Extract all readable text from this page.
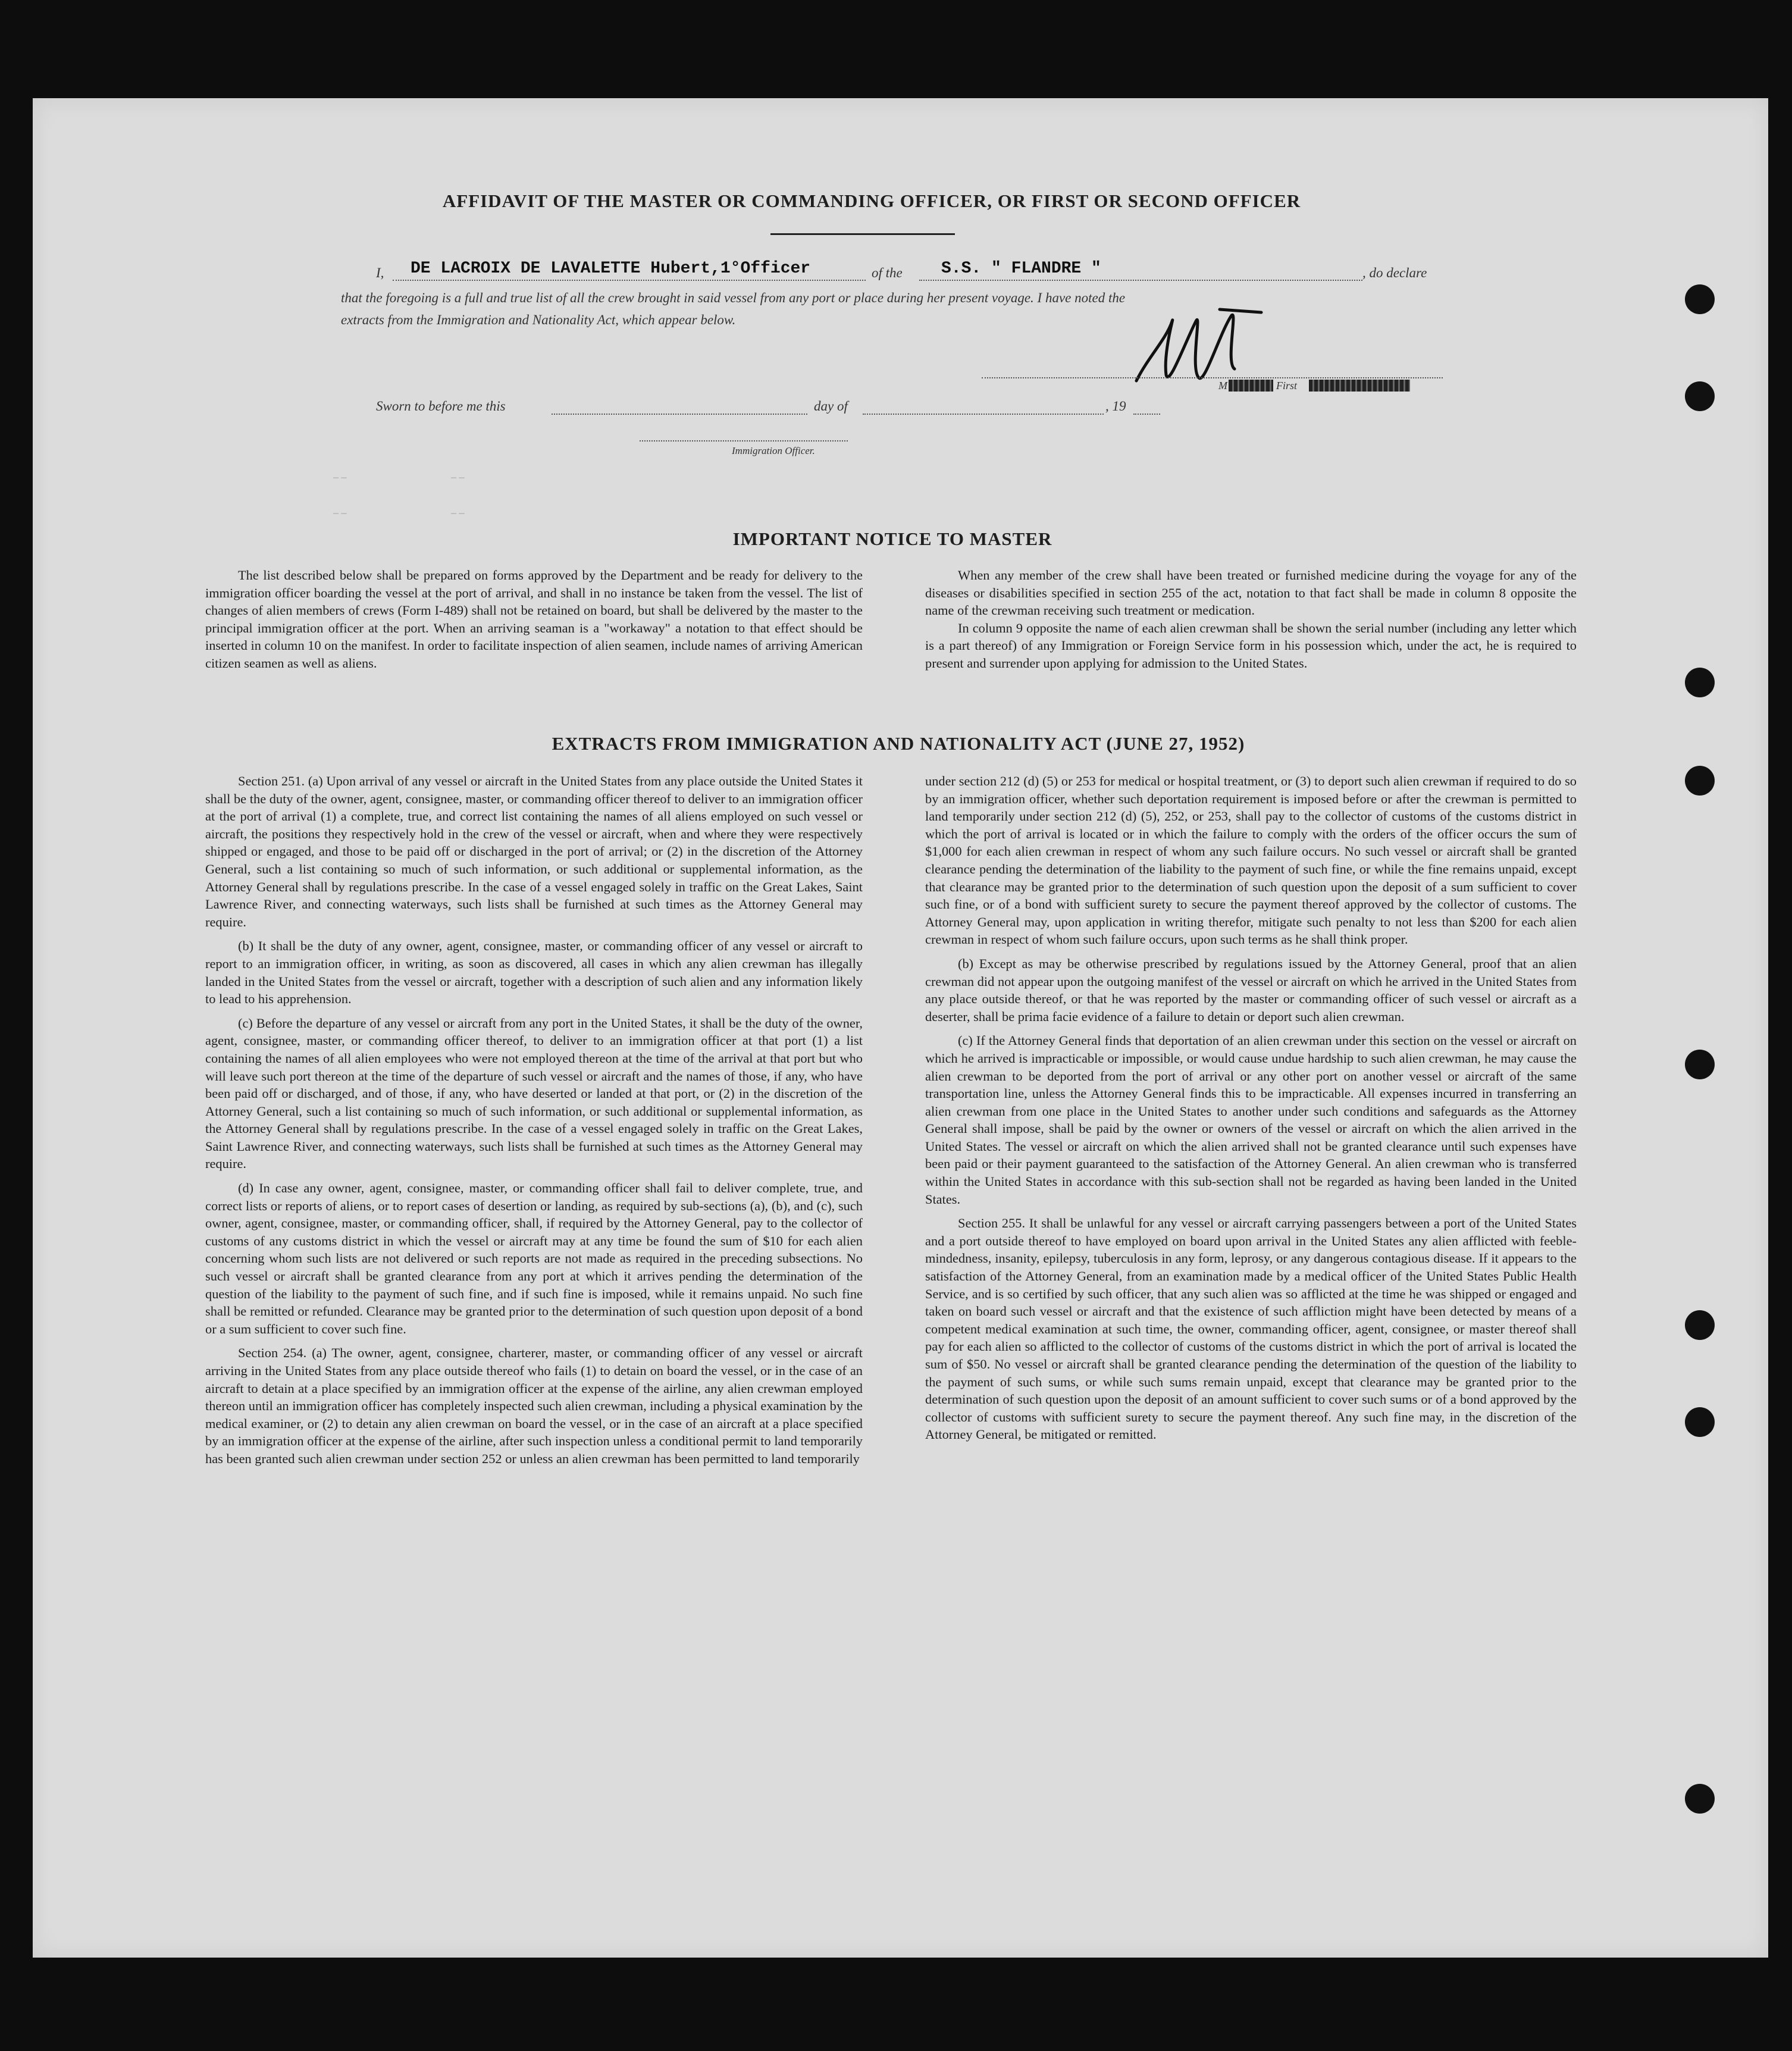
AFFIDAVIT OF THE MASTER OR COMMANDING OFFICER, OR FIRST OR SECOND OFFICER
I, DE LACROIX DE LAVALETTE Hubert,1°Officer	of the S.S. " FLANDRE "	, do declare
that the foregoing is a full and true list of all the crew brought in said vessel from any port or place during her present voyage. I have noted the
extracts from the Immigration and Nationality Act, which appear below.
M	First
Sworn to before me this	day of	, 19
Immigration Officer.
_ _                                       _ _
_ _                                       _ _
IMPORTANT NOTICE TO MASTER

The list described below shall be prepared on forms approved by the Department and be ready for delivery to the immigration officer boarding the vessel at the port of arrival, and shall in no instance be taken from the vessel. The list of changes of alien members of crews (Form I-489) shall not be retained on board, but shall be delivered by the master to the principal immigration officer at the port. When an arriving seaman is a "workaway" a notation to that effect should be inserted in column 10 on the manifest. In order to facilitate inspection of alien seamen, include names of arriving American citizen seamen as well as aliens.

When any member of the crew shall have been treated or furnished medicine during the voyage for any of the diseases or disabilities specified in section 255 of the act, notation to that fact shall be made in column 8 opposite the name of the crewman receiving such treatment or medication.

In column 9 opposite the name of each alien crewman shall be shown the serial number (including any letter which is a part thereof) of any Immigration or Foreign Service form in his possession which, under the act, he is required to present and surrender upon applying for admission to the United States.

EXTRACTS FROM IMMIGRATION AND NATIONALITY ACT (JUNE 27, 1952)

Section 251. (a) Upon arrival of any vessel or aircraft in the United States from any place outside the United States it shall be the duty of the owner, agent, consignee, master, or commanding officer thereof to deliver to an immigration officer at the port of arrival (1) a complete, true, and correct list containing the names of all aliens employed on such vessel or aircraft, the positions they respectively hold in the crew of the vessel or aircraft, when and where they were respectively shipped or engaged, and those to be paid off or discharged in the port of arrival; or (2) in the discretion of the Attorney General, such a list containing so much of such information, or such additional or supplemental information, as the Attorney General shall by regulations prescribe. In the case of a vessel engaged solely in traffic on the Great Lakes, Saint Lawrence River, and connecting waterways, such lists shall be furnished at such times as the Attorney General may require.

(b) It shall be the duty of any owner, agent, consignee, master, or commanding officer of any vessel or aircraft to report to an immigration officer, in writing, as soon as discovered, all cases in which any alien crewman has illegally landed in the United States from the vessel or aircraft, together with a description of such alien and any information likely to lead to his apprehension.

(c) Before the departure of any vessel or aircraft from any port in the United States, it shall be the duty of the owner, agent, consignee, master, or commanding officer thereof, to deliver to an immigration officer at that port (1) a list containing the names of all alien employees who were not employed thereon at the time of the arrival at that port but who will leave such port thereon at the time of the departure of such vessel or aircraft and the names of those, if any, who have been paid off or discharged, and of those, if any, who have deserted or landed at that port, or (2) in the discretion of the Attorney General, such a list containing so much of such information, or such additional or supplemental information, as the Attorney General shall by regulations prescribe. In the case of a vessel engaged solely in traffic on the Great Lakes, Saint Lawrence River, and connecting waterways, such lists shall be furnished at such times as the Attorney General may require.

(d) In case any owner, agent, consignee, master, or commanding officer shall fail to deliver complete, true, and correct lists or reports of aliens, or to report cases of desertion or landing, as required by sub-sections (a), (b), and (c), such owner, agent, consignee, master, or commanding officer, shall, if required by the Attorney General, pay to the collector of customs of any customs district in which the vessel or aircraft may at any time be found the sum of $10 for each alien concerning whom such lists are not delivered or such reports are not made as required in the preceding subsections. No such vessel or aircraft shall be granted clearance from any port at which it arrives pending the determination of the question of the liability to the payment of such fine, and if such fine is imposed, while it remains unpaid. No such fine shall be remitted or refunded. Clearance may be granted prior to the determination of such question upon deposit of a bond or a sum sufficient to cover such fine.

Section 254. (a) The owner, agent, consignee, charterer, master, or commanding officer of any vessel or aircraft arriving in the United States from any place outside thereof who fails (1) to detain on board the vessel, or in the case of an aircraft to detain at a place specified by an immigration officer at the expense of the airline, any alien crewman employed thereon until an immigration officer has completely inspected such alien crewman, including a physical examination by the medical examiner, or (2) to detain any alien crewman on board the vessel, or in the case of an aircraft at a place specified by an immigration officer at the expense of the airline, after such inspection unless a conditional permit to land temporarily has been granted such alien crewman under section 252 or unless an alien crewman has been permitted to land temporarily

under section 212 (d) (5) or 253 for medical or hospital treatment, or (3) to deport such alien crewman if required to do so by an immigration officer, whether such deportation requirement is imposed before or after the crewman is permitted to land temporarily under section 212 (d) (5), 252, or 253, shall pay to the collector of customs of the customs district in which the port of arrival is located or in which the failure to comply with the orders of the officer occurs the sum of $1,000 for each alien crewman in respect of whom any such failure occurs. No such vessel or aircraft shall be granted clearance pending the determination of the liability to the payment of such fine, or while the fine remains unpaid, except that clearance may be granted prior to the determination of such question upon the deposit of a sum sufficient to cover such fine, or of a bond with sufficient surety to secure the payment thereof approved by the collector of customs. The Attorney General may, upon application in writing therefor, mitigate such penalty to not less than $200 for each alien crewman in respect of whom such failure occurs, upon such terms as he shall think proper.

(b) Except as may be otherwise prescribed by regulations issued by the Attorney General, proof that an alien crewman did not appear upon the outgoing manifest of the vessel or aircraft on which he arrived in the United States from any place outside thereof, or that he was reported by the master or commanding officer of such vessel or aircraft as a deserter, shall be prima facie evidence of a failure to detain or deport such alien crewman.

(c) If the Attorney General finds that deportation of an alien crewman under this section on the vessel or aircraft on which he arrived is impracticable or impossible, or would cause undue hardship to such alien crewman, he may cause the alien crewman to be deported from the port of arrival or any other port on another vessel or aircraft of the same transportation line, unless the Attorney General finds this to be impracticable. All expenses incurred in transferring an alien crewman from one place in the United States to another under such conditions and safeguards as the Attorney General shall impose, shall be paid by the owner or owners of the vessel or aircraft on which the alien arrived in the United States. The vessel or aircraft on which the alien arrived shall not be granted clearance until such expenses have been paid or their payment guaranteed to the satisfaction of the Attorney General. An alien crewman who is transferred within the United States in accordance with this sub-section shall not be regarded as having been landed in the United States.

Section 255. It shall be unlawful for any vessel or aircraft carrying passengers between a port of the United States and a port outside thereof to have employed on board upon arrival in the United States any alien afflicted with feeble-mindedness, insanity, epilepsy, tuberculosis in any form, leprosy, or any dangerous contagious disease. If it appears to the satisfaction of the Attorney General, from an examination made by a medical officer of the United States Public Health Service, and is so certified by such officer, that any such alien was so afflicted at the time he was shipped or engaged and taken on board such vessel or aircraft and that the existence of such affliction might have been detected by means of a competent medical examination at such time, the owner, commanding officer, agent, consignee, or master thereof shall pay for each alien so afflicted to the collector of customs of the customs district in which the port of arrival is located the sum of $50. No vessel or aircraft shall be granted clearance pending the determination of the question of the liability to the payment of such sums, or while such sums remain unpaid, except that clearance may be granted prior to the determination of such question upon the deposit of an amount sufficient to cover such sums or of a bond approved by the collector of customs with sufficient surety to secure the payment thereof. Any such fine may, in the discretion of the Attorney General, be mitigated or remitted.
